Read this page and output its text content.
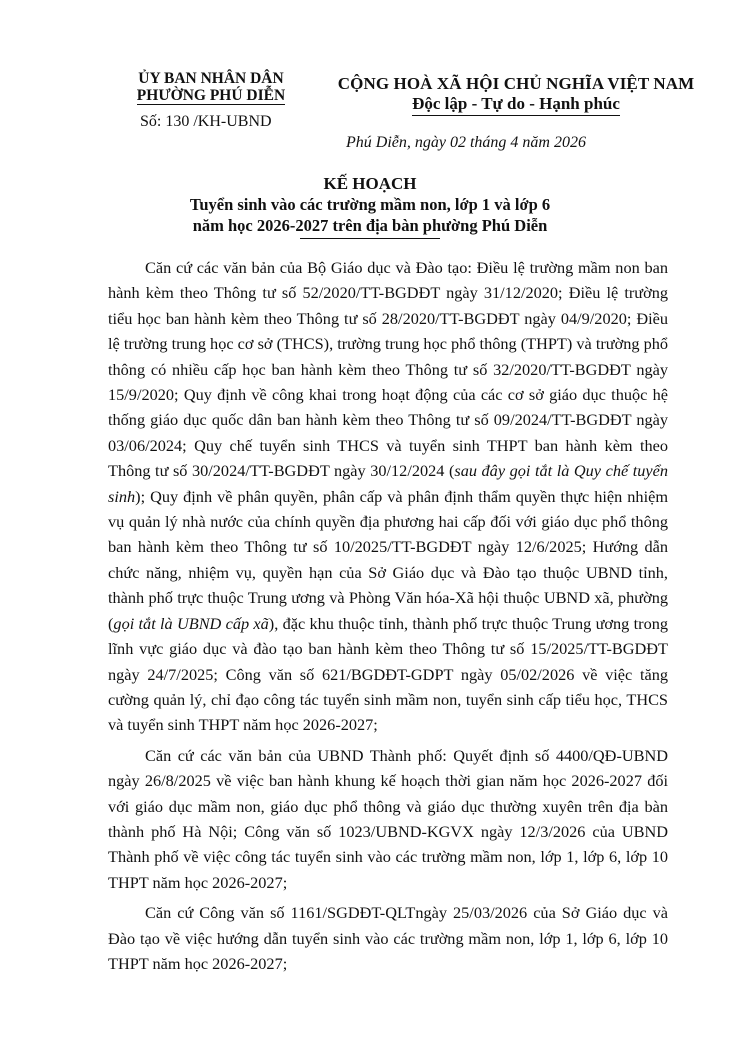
ỦY BAN NHÂN DÂN
PHƯỜNG PHÚ DIỄN
Số: 130 /KH-UBND
CỘNG HOÀ XÃ HỘI CHỦ NGHĨA VIỆT NAM
Độc lập - Tự do - Hạnh phúc
Phú Diễn, ngày 02 tháng 4 năm 2026
KẾ HOẠCH
Tuyển sinh vào các trường mầm non, lớp 1 và lớp 6
năm học 2026-2027 trên địa bàn phường Phú Diễn

Căn cứ các văn bản của Bộ Giáo dục và Đào tạo: Điều lệ trường mầm non ban hành kèm theo Thông tư số 52/2020/TT-BGDĐT ngày 31/12/2020; Điều lệ trường tiểu học ban hành kèm theo Thông tư số 28/2020/TT-BGDĐT ngày 04/9/2020; Điều lệ trường trung học cơ sở (THCS), trường trung học phổ thông (THPT) và trường phổ thông có nhiều cấp học ban hành kèm theo Thông tư số 32/2020/TT-BGDĐT ngày 15/9/2020; Quy định về công khai trong hoạt động của các cơ sở giáo dục thuộc hệ thống giáo dục quốc dân ban hành kèm theo Thông tư số 09/2024/TT-BGDĐT ngày 03/06/2024; Quy chế tuyển sinh THCS và tuyển sinh THPT ban hành kèm theo Thông tư số 30/2024/TT-BGDĐT ngày 30/12/2024 (sau đây gọi tắt là Quy chế tuyển sinh); Quy định về phân quyền, phân cấp và phân định thẩm quyền thực hiện nhiệm vụ quản lý nhà nước của chính quyền địa phương hai cấp đối với giáo dục phổ thông ban hành kèm theo Thông tư số 10/2025/TT-BGDĐT ngày 12/6/2025; Hướng dẫn chức năng, nhiệm vụ, quyền hạn của Sở Giáo dục và Đào tạo thuộc UBND tỉnh, thành phố trực thuộc Trung ương và Phòng Văn hóa-Xã hội thuộc UBND xã, phường (gọi tắt là UBND cấp xã), đặc khu thuộc tỉnh, thành phố trực thuộc Trung ương trong lĩnh vực giáo dục và đào tạo ban hành kèm theo Thông tư số 15/2025/TT-BGDĐT ngày 24/7/2025; Công văn số 621/BGDĐT-GDPT ngày 05/02/2026 về việc tăng cường quản lý, chỉ đạo công tác tuyển sinh mầm non, tuyển sinh cấp tiểu học, THCS và tuyển sinh THPT năm học 2026-2027;

Căn cứ các văn bản của UBND Thành phố: Quyết định số 4400/QĐ-UBND ngày 26/8/2025 về việc ban hành khung kế hoạch thời gian năm học 2026-2027 đối với giáo dục mầm non, giáo dục phổ thông và giáo dục thường xuyên trên địa bàn thành phố Hà Nội; Công văn số 1023/UBND-KGVX ngày 12/3/2026 của UBND Thành phố về việc công tác tuyển sinh vào các trường mầm non, lớp 1, lớp 6, lớp 10 THPT năm học 2026-2027;

Căn cứ Công văn số 1161/SGDĐT-QLTngày 25/03/2026 của Sở Giáo dục và Đào tạo về việc hướng dẫn tuyển sinh vào các trường mầm non, lớp 1, lớp 6, lớp 10 THPT năm học 2026-2027;
